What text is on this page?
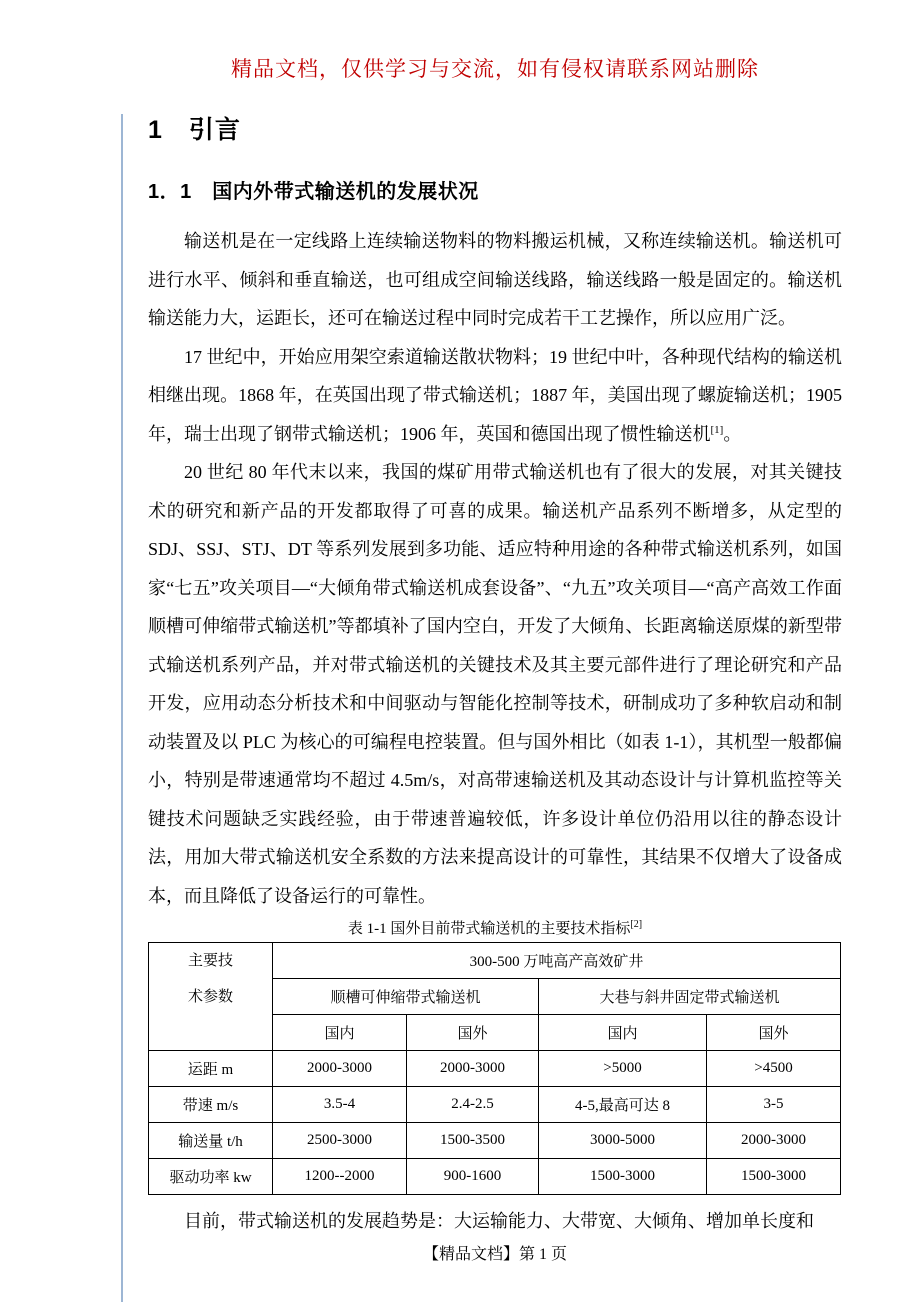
精品文档，仅供学习与交流，如有侵权请联系网站删除
1　引言
1．1　国内外带式输送机的发展状况

输送机是在一定线路上连续输送物料的物料搬运机械，又称连续输送机。输送机可进行水平、倾斜和垂直输送，也可组成空间输送线路，输送线路一般是固定的。输送机输送能力大，运距长，还可在输送过程中同时完成若干工艺操作，所以应用广泛。

17 世纪中，开始应用架空索道输送散状物料；19 世纪中叶，各种现代结构的输送机相继出现。1868 年，在英国出现了带式输送机；1887 年，美国出现了螺旋输送机；1905 年，瑞士出现了钢带式输送机；1906 年，英国和德国出现了惯性输送机[1]。

20 世纪 80 年代末以来，我国的煤矿用带式输送机也有了很大的发展，对其关键技术的研究和新产品的开发都取得了可喜的成果。输送机产品系列不断增多，从定型的 SDJ、SSJ、STJ、DT 等系列发展到多功能、适应特种用途的各种带式输送机系列，如国家“七五”攻关项目—“大倾角带式输送机成套设备”、“九五”攻关项目—“高产高效工作面顺槽可伸缩带式输送机”等都填补了国内空白，开发了大倾角、长距离输送原煤的新型带式输送机系列产品，并对带式输送机的关键技术及其主要元部件进行了理论研究和产品开发，应用动态分析技术和中间驱动与智能化控制等技术，研制成功了多种软启动和制动装置及以 PLC 为核心的可编程电控装置。但与国外相比（如表 1-1），其机型一般都偏小，特别是带速通常均不超过 4.5m/s，对高带速输送机及其动态设计与计算机监控等关键技术问题缺乏实践经验，由于带速普遍较低，许多设计单位仍沿用以往的静态设计法，用加大带式输送机安全系数的方法来提高设计的可靠性，其结果不仅增大了设备成本，而且降低了设备运行的可靠性。

表 1-1 国外目前带式输送机的主要技术指标[2]
主要技
术参数	300-500 万吨高产高效矿井			
	顺槽可伸缩带式输送机		大巷与斜井固定带式输送机	
	国内	国外	国内	国外
运距 m	2000-3000	2000-3000	>5000	>4500
带速 m/s	3.5-4	2.4-2.5	4-5,最高可达 8	3-5
输送量 t/h	2500-3000	1500-3500	3000-5000	2000-3000
驱动功率 kw	1200--2000	900-1600	1500-3000	1500-3000

目前，带式输送机的发展趋势是：大运输能力、大带宽、大倾角、增加单长度和

【精品文档】第 1 页
